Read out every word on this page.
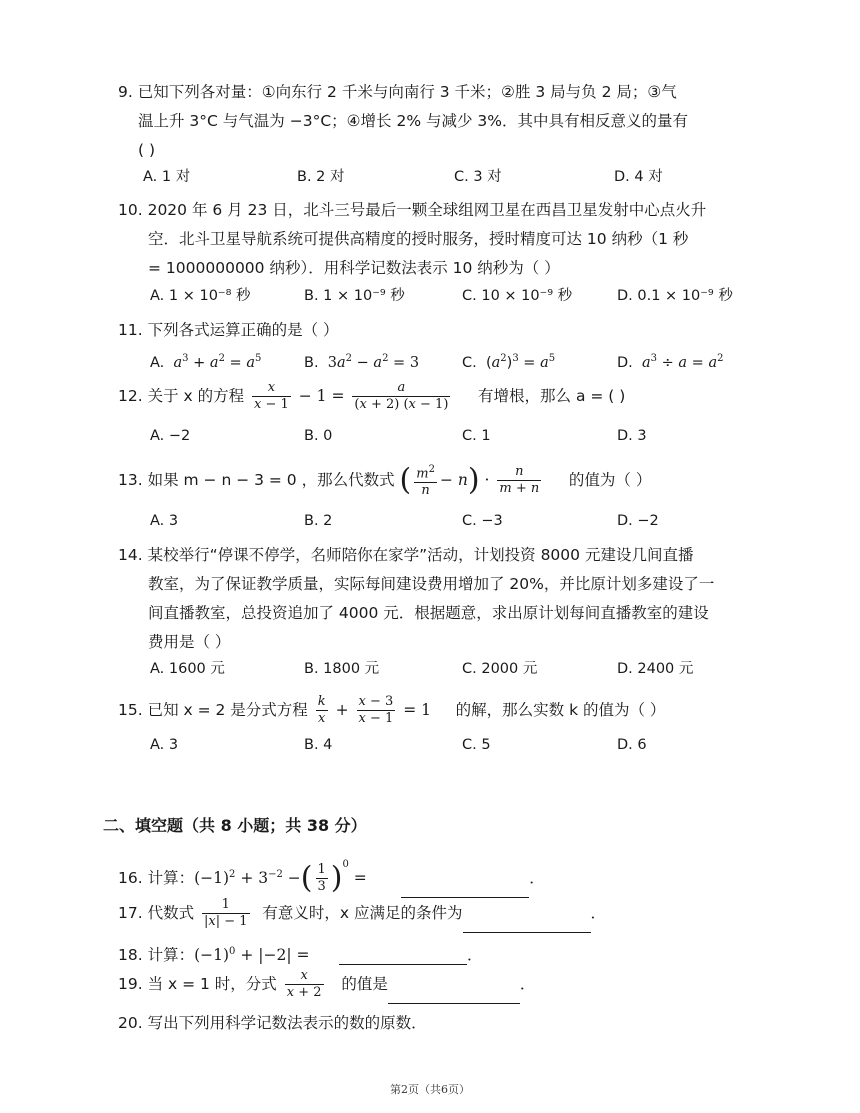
9. 已知下列各对量：①向东行 2 千米与向南行 3 千米；②胜 3 局与负 2 局；③气
温上升 3°C 与气温为 −3°C；④增长 2% 与减少 3%．其中具有相反意义的量有
( )
A. 1 对	B. 2 对	C. 3 对	D. 4 对
10. 2020 年 6 月 23 日，北斗三号最后一颗全球组网卫星在西昌卫星发射中心点火升
空．北斗卫星导航系统可提供高精度的授时服务，授时精度可达 10 纳秒（1 秒
= 1000000000 纳秒）．用科学记数法表示 10 纳秒为（ ）
A. 1 × 10⁻⁸ 秒	B. 1 × 10⁻⁹ 秒	C. 10 × 10⁻⁹ 秒	D. 0.1 × 10⁻⁹ 秒
11. 下列各式运算正确的是（ ）
A. $a^3 + a^2 = a^5$	B. $3a^2 - a^2 = 3$	C.  $(a^2)^3 = a^5$	D. $a^3 \div a = a^2$
12. 关于 x 的方程 $\frac{x}{x - 1} - 1 = \frac{a}{(x + 2) (x - 1)}$ 有增根，那么 a = ( )
A. −2	B. 0	C. 1	D. 3
13. 如果 m − n − 3 = 0 ，那么代数式 ( $\frac{m^2}{n} - n) \cdot \frac{n}{m + n}$ 的值为（ ）
A. 3	B. 2	C. −3	D. −2
14. 某校举行“停课不停学，名师陪你在家学”活动，计划投资 8000 元建设几间直播
教室，为了保证教学质量，实际每间建设费用增加了 20%，并比原计划多建设了一
间直播教室，总投资追加了 4000 元．根据题意，求出原计划每间直播教室的建设
费用是（ ）
A. 1600 元	B. 1800 元	C. 2000 元	D. 2400 元
15. 已知 x = 2 是分式方程 $\frac{k}{x} + \frac{x - 3}{x - 1} = 1$ 的解，那么实数 k 的值为（ ）
A. 3	B. 4	C. 5	D. 6
二、填空题（共 8 小题；共 38 分）
16. 计算：$(-1)^2 + 3^{-2}$ −( $\frac{1}{3} )^0$ =	．
17. 代数式 $\frac{1}{|x| - 1}$ 有意义时，x 应满足的条件为	．
18. 计算：$(-1)^0 + |-2|$ =	．
19. 当 x = 1 时，分式 $\frac{x}{x + 2}$ 的值是	．
20. 写出下列用科学记数法表示的数的原数．
第2页（共6页）
